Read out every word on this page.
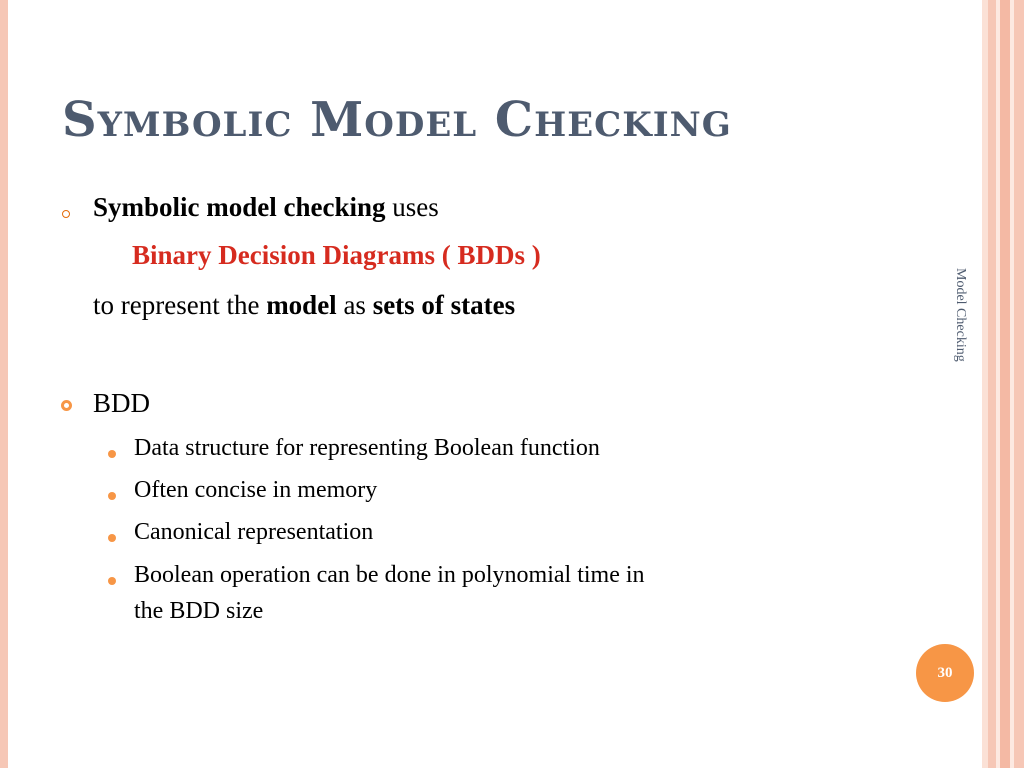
Symbolic Model Checking
Symbolic model checking uses
Binary Decision Diagrams ( BDDs )
to represent the model as sets of states
BDD
Data structure for representing Boolean function
Often concise in memory
Canonical representation
Boolean operation can be done in polynomial time in
the BDD size
Model Checking
30
